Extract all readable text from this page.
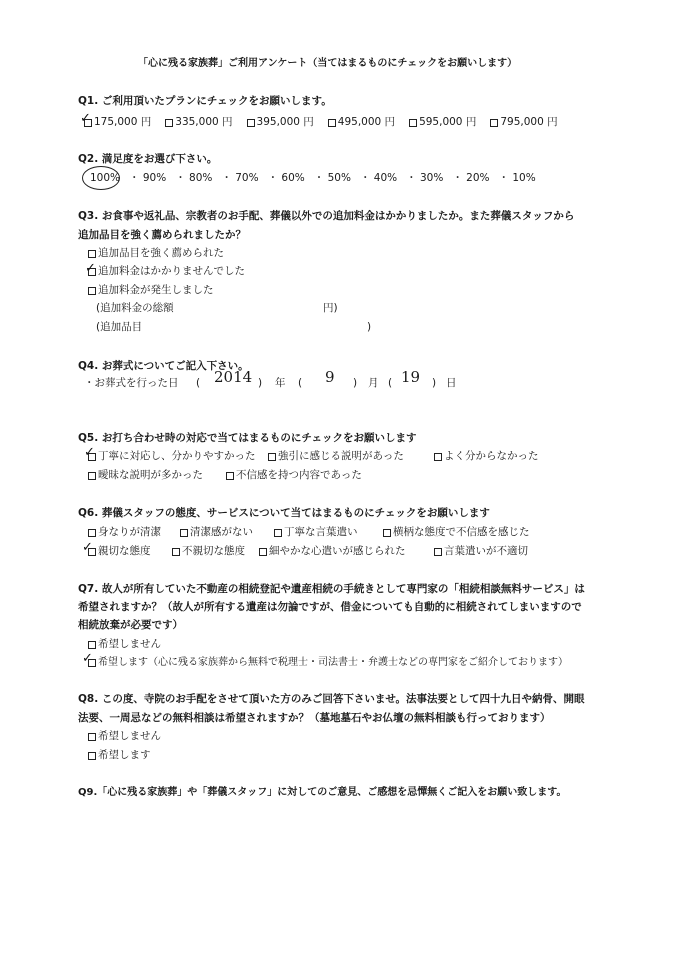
「心に残る家族葬」ご利用アンケート（当てはまるものにチェックをお願いします）
Q1. ご利用頂いたプランにチェックをお願いします。
175,000 円 335,000 円 395,000 円 495,000 円 595,000 円 795,000 円
✓
Q2. 満足度をお選び下さい。
100% ・ 90% ・ 80% ・ 70% ・ 60% ・ 50% ・ 40% ・ 30% ・ 20% ・ 10%
Q3. お食事や返礼品、宗教者のお手配、葬儀以外での追加料金はかかりましたか。また葬儀スタッフから
追加品目を強く薦められましたか？
追加品目を強く薦められた
追加料金はかかりませんでした
✓
追加料金が発生しました
(追加料金の総額	円)
(追加品目	)
Q4. お葬式についてご記入下さい。
・お葬式を行った日 ( 2014 ) 年 ( 9 ) 月 ( 19 ) 日
Q5. お打ち合わせ時の対応で当てはまるものにチェックをお願いします
丁寧に対応し、分かりやすかった
✓	強引に感じる説明があった	よく分からなかった
曖昧な説明が多かった	不信感を持つ内容であった
Q6. 葬儀スタッフの態度、サービスについて当てはまるものにチェックをお願いします
身なりが清潔	清潔感がない	丁寧な言葉遣い	横柄な態度で不信感を感じた
親切な態度
✓	不親切な態度 細やかな心遣いが感じられた	言葉遣いが不適切
Q7. 故人が所有していた不動産の相続登記や遺産相続の手続きとして専門家の「相続相談無料サービス」は
希望されますか？（故人が所有する遺産は勿論ですが、借金についても自動的に相続されてしまいますので
相続放棄が必要です）
希望しません
希望します（心に残る家族葬から無料で税理士・司法書士・弁護士などの専門家をご紹介しております）
✓
Q8. この度、寺院のお手配をさせて頂いた方のみご回答下さいませ。法事法要として四十九日や納骨、開眼
法要、一周忌などの無料相談は希望されますか？（墓地墓石やお仏壇の無料相談も行っております）
希望しません
希望します
Q9.「心に残る家族葬」や「葬儀スタッフ」に対してのご意見、ご感想を忌憚無くご記入をお願い致します。
